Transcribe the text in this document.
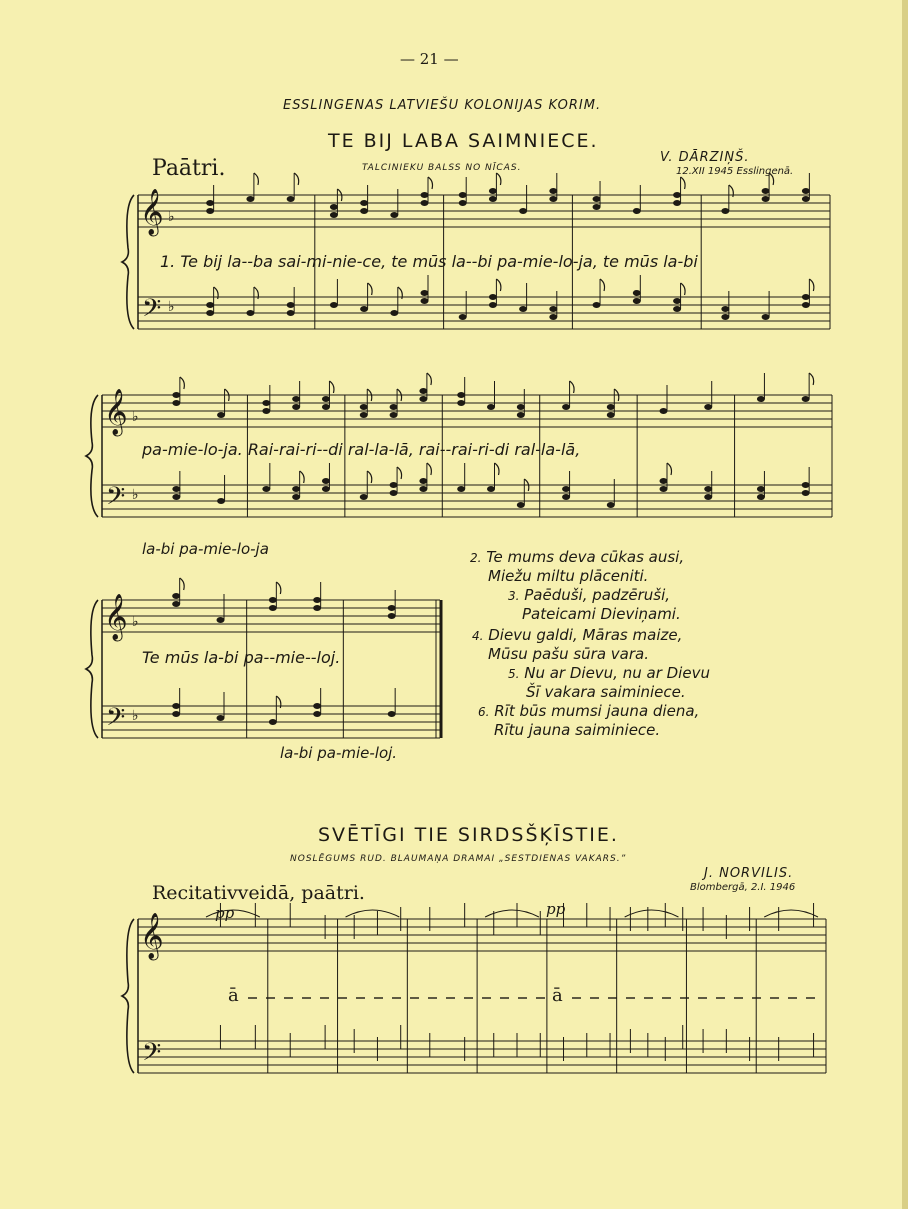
— 21 —
ESSLINGENAS LATVIEŠU KOLONIJAS KORIM.
TE BIJ LABA SAIMNIECE.
Paātri.	TALCINIEKU BALSS NO NĪCAS.
V. DĀRZIŅŠ.
12.XII 1945 Esslingenā.
𝄞
𝄢
♭
♭
1. Te bij la--ba sai-mi-nie-ce, te mūs la--bi pa-mie-lo-ja, te mūs la-bi
𝄞
𝄢
♭
♭
pa-mie-lo-ja. Rai-rai-ri--di ral-la-lā, rai--rai-ri-di ral-la-lā,
la-bi pa-mie-lo-ja
𝄞
𝄢
♭
♭
Te mūs la-bi pa--mie--loj.
la-bi pa-mie-loj.
2. Te mums deva cūkas ausi,
Miežu miltu plāceniti.
3. Paēduši, padzēruši,
Pateicami Dieviņami.
4. Dievu galdi, Māras maize,
Mūsu pašu sūra vara.
5. Nu ar Dievu, nu ar Dievu
Šī vakara saiminiece.
6. Rīt būs mumsi jauna diena,
Rītu jauna saiminiece.
SVĒTĪGI TIE SIRDSŠĶĪSTIE.
NOSLĒGUMS RUD. BLAUMAŅA DRAMAI „SESTDIENAS VAKARS.”
J. NORVILIS.
Blombergā, 2.I. 1946
Recitativveidā, paātri.
pp	pp
𝄞
𝄢
ā	ā
